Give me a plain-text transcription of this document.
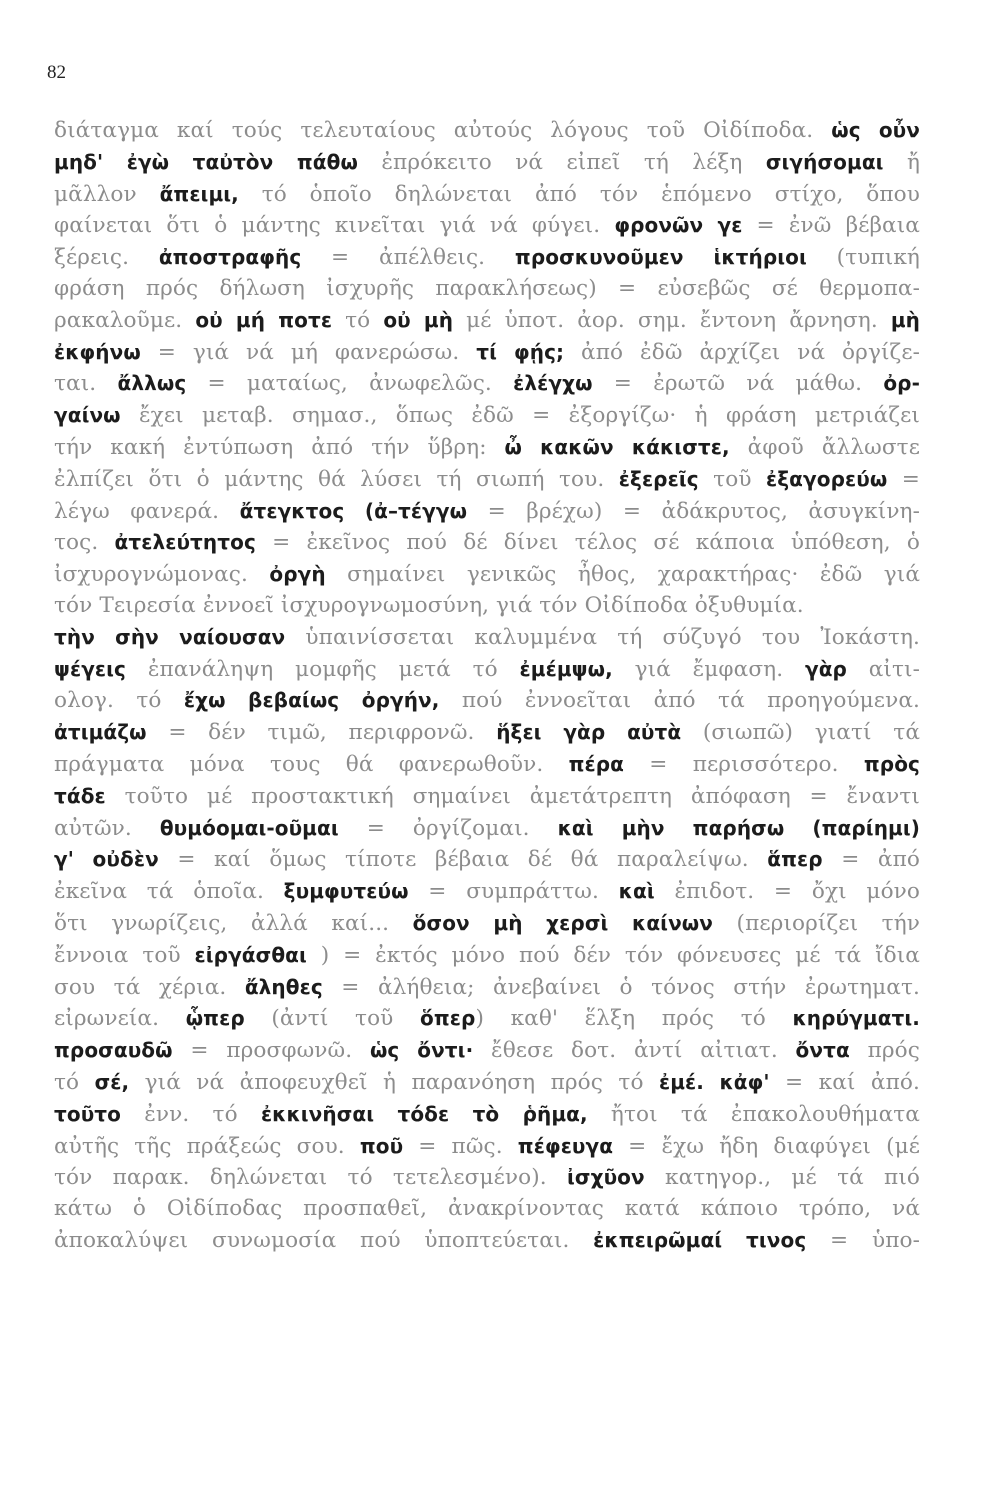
82
διάταγμα καί τούς τελευταίους αὐτούς λόγους τοῦ Οἰδίποδα. ὡς οὖν
μηδ' ἐγὼ ταὐτὸν πάθω ἐπρόκειτο νά εἰπεῖ τή λέξη σιγήσομαι ἤ
μᾶλλον ἄπειμι, τό ὁποῖο δηλώνεται ἀπό τόν ἑπόμενο στίχο, ὅπου
φαίνεται ὅτι ὁ μάντης κινεῖται γιά νά φύγει. φρονῶν γε = ἐνῶ βέβαια
ξέρεις. ἀποστραφῆς = ἀπέλθεις. προσκυνοῦμεν ἱκτήριοι (τυπική
φράση πρός δήλωση ἰσχυρῆς παρακλήσεως) = εὐσεβῶς σέ θερμοπα-
ρακαλοῦμε. οὐ μή ποτε τό οὐ μὴ μέ ὑποτ. ἀορ. σημ. ἔντονη ἄρνηση. μὴ
ἐκφήνω = γιά νά μή φανερώσω. τί φῄς; ἀπό ἐδῶ ἀρχίζει νά ὀργίζε-
ται. ἄλλως = ματαίως, ἀνωφελῶς. ἐλέγχω = ἐρωτῶ νά μάθω. ὀρ-
γαίνω ἔχει μεταβ. σημασ., ὅπως ἐδῶ = ἐξοργίζω· ἡ φράση μετριάζει
τήν κακή ἐντύπωση ἀπό τήν ὕβρη: ὦ κακῶν κάκιστε, ἀφοῦ ἄλλωστε
ἐλπίζει ὅτι ὁ μάντης θά λύσει τή σιωπή του. ἐξερεῖς τοῦ ἐξαγορεύω =
λέγω φανερά. ἄτεγκτος (ἀ–τέγγω = βρέχω) = ἀδάκρυτος, ἀσυγκίνη-
τος. ἀτελεύτητος = ἐκεῖνος πού δέ δίνει τέλος σέ κάποια ὑπόθεση, ὁ
ἰσχυρογνώμονας. ὀργὴ σημαίνει γενικῶς ἦθος, χαρακτήρας· ἐδῶ γιά
τόν Τειρεσία ἐννοεῖ ἰσχυρογνωμοσύνη, γιά τόν Οἰδίποδα ὀξυθυμία.
τὴν σὴν ναίουσαν ὑπαινίσσεται καλυμμένα τή σύζυγό του Ἰοκάστη.
ψέγεις ἐπανάληψη μομφῆς μετά τό ἐμέμψω, γιά ἔμφαση. γὰρ αἰτι-
ολογ. τό ἔχω βεβαίως ὀργήν, πού ἐννοεῖται ἀπό τά προηγούμενα.
ἀτιμάζω = δέν τιμῶ, περιφρονῶ. ἥξει γὰρ αὐτὰ (σιωπῶ) γιατί τά
πράγματα μόνα τους θά φανερωθοῦν. πέρα = περισσότερο. πρὸς
τάδε τοῦτο μέ προστακτική σημαίνει ἀμετάτρεπτη ἀπόφαση = ἔναντι
αὐτῶν. θυμόομαι-οῦμαι = ὀργίζομαι. καὶ μὴν παρήσω (παρίημι)
γ' οὐδὲν = καί ὅμως τίποτε βέβαια δέ θά παραλείψω. ἅπερ = ἀπό
ἐκεῖνα τά ὁποῖα. ξυμφυτεύω = συμπράττω. καὶ ἐπιδοτ. = ὄχι μόνο
ὅτι γνωρίζεις, ἀλλά καί... ὅσον μὴ χερσὶ καίνων (περιορίζει τήν
ἔννοια τοῦ εἰργάσθαι ) = ἐκτός μόνο πού δέν τόν φόνευσες μέ τά ἴδια
σου τά χέρια. ἄληθες = ἀλήθεια; ἀνεβαίνει ὁ τόνος στήν ἐρωτηματ.
εἰρωνεία. ᾧπερ (ἀντί τοῦ ὅπερ) καθ' ἕλξη πρός τό κηρύγματι.
προσαυδῶ = προσφωνῶ. ὡς ὄντι· ἔθεσε δοτ. ἀντί αἰτιατ. ὄντα πρός
τό σέ, γιά νά ἀποφευχθεῖ ἡ παρανόηση πρός τό ἐμέ. κἀφ' = καί ἀπό.
τοῦτο ἐνν. τό ἐκκινῆσαι τόδε τὸ ῥῆμα, ἤτοι τά ἐπακολουθήματα
αὐτῆς τῆς πράξεώς σου. ποῦ = πῶς. πέφευγα = ἔχω ἤδη διαφύγει (μέ
τόν παρακ. δηλώνεται τό τετελεσμένο). ἰσχῦον κατηγορ., μέ τά πιό
κάτω ὁ Οἰδίποδας προσπαθεῖ, ἀνακρίνοντας κατά κάποιο τρόπο, νά
ἀποκαλύψει συνωμοσία πού ὑποπτεύεται. ἐκπειρῶμαί τινος = ὑπο-
